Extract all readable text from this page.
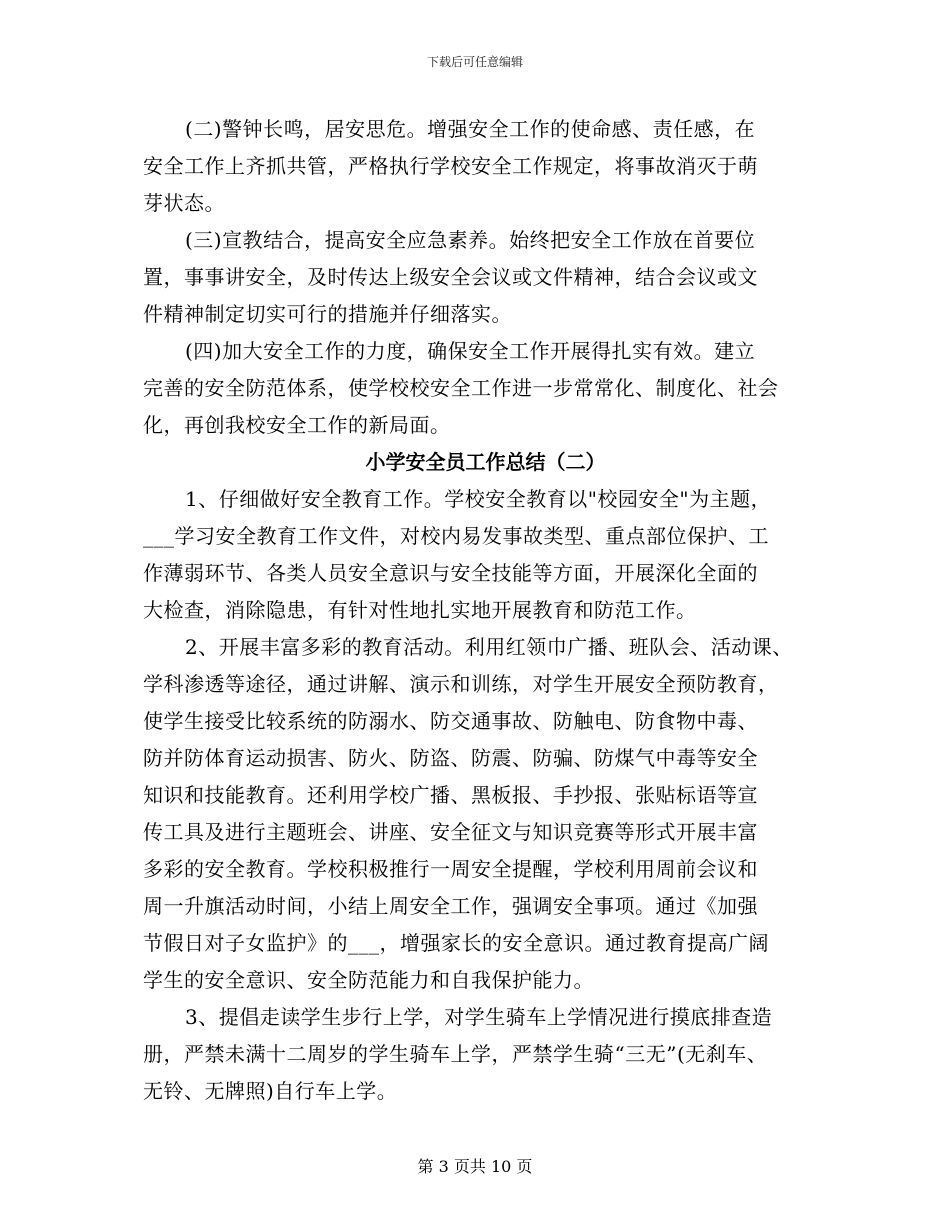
下载后可任意编辑
(二)警钟长鸣，居安思危。增强安全工作的使命感、责任感，在
安全工作上齐抓共管，严格执行学校安全工作规定，将事故消灭于萌
芽状态。
(三)宣教结合，提高安全应急素养。始终把安全工作放在首要位
置，事事讲安全，及时传达上级安全会议或文件精神，结合会议或文
件精神制定切实可行的措施并仔细落实。
(四)加大安全工作的力度，确保安全工作开展得扎实有效。建立
完善的安全防范体系，使学校校安全工作进一步常常化、制度化、社会
化，再创我校安全工作的新局面。
小学安全员工作总结（二）
1、仔细做好安全教育工作。学校安全教育以"校园安全"为主题，
___学习安全教育工作文件，对校内易发事故类型、重点部位保护、工
作薄弱环节、各类人员安全意识与安全技能等方面，开展深化全面的
大检查，消除隐患，有针对性地扎实地开展教育和防范工作。
2、开展丰富多彩的教育活动。利用红领巾广播、班队会、活动课、
学科渗透等途径，通过讲解、演示和训练，对学生开展安全预防教育，
使学生接受比较系统的防溺水、防交通事故、防触电、防食物中毒、
防并防体育运动损害、防火、防盗、防震、防骗、防煤气中毒等安全
知识和技能教育。还利用学校广播、黑板报、手抄报、张贴标语等宣
传工具及进行主题班会、讲座、安全征文与知识竞赛等形式开展丰富
多彩的安全教育。学校积极推行一周安全提醒，学校利用周前会议和
周一升旗活动时间，小结上周安全工作，强调安全事项。通过《加强
节假日对子女监护》的___，增强家长的安全意识。通过教育提高广阔
学生的安全意识、安全防范能力和自我保护能力。
3、提倡走读学生步行上学，对学生骑车上学情况进行摸底排查造
册，严禁未满十二周岁的学生骑车上学，严禁学生骑“三无”(无刹车、
无铃、无牌照)自行车上学。
第 3 页共 10 页
